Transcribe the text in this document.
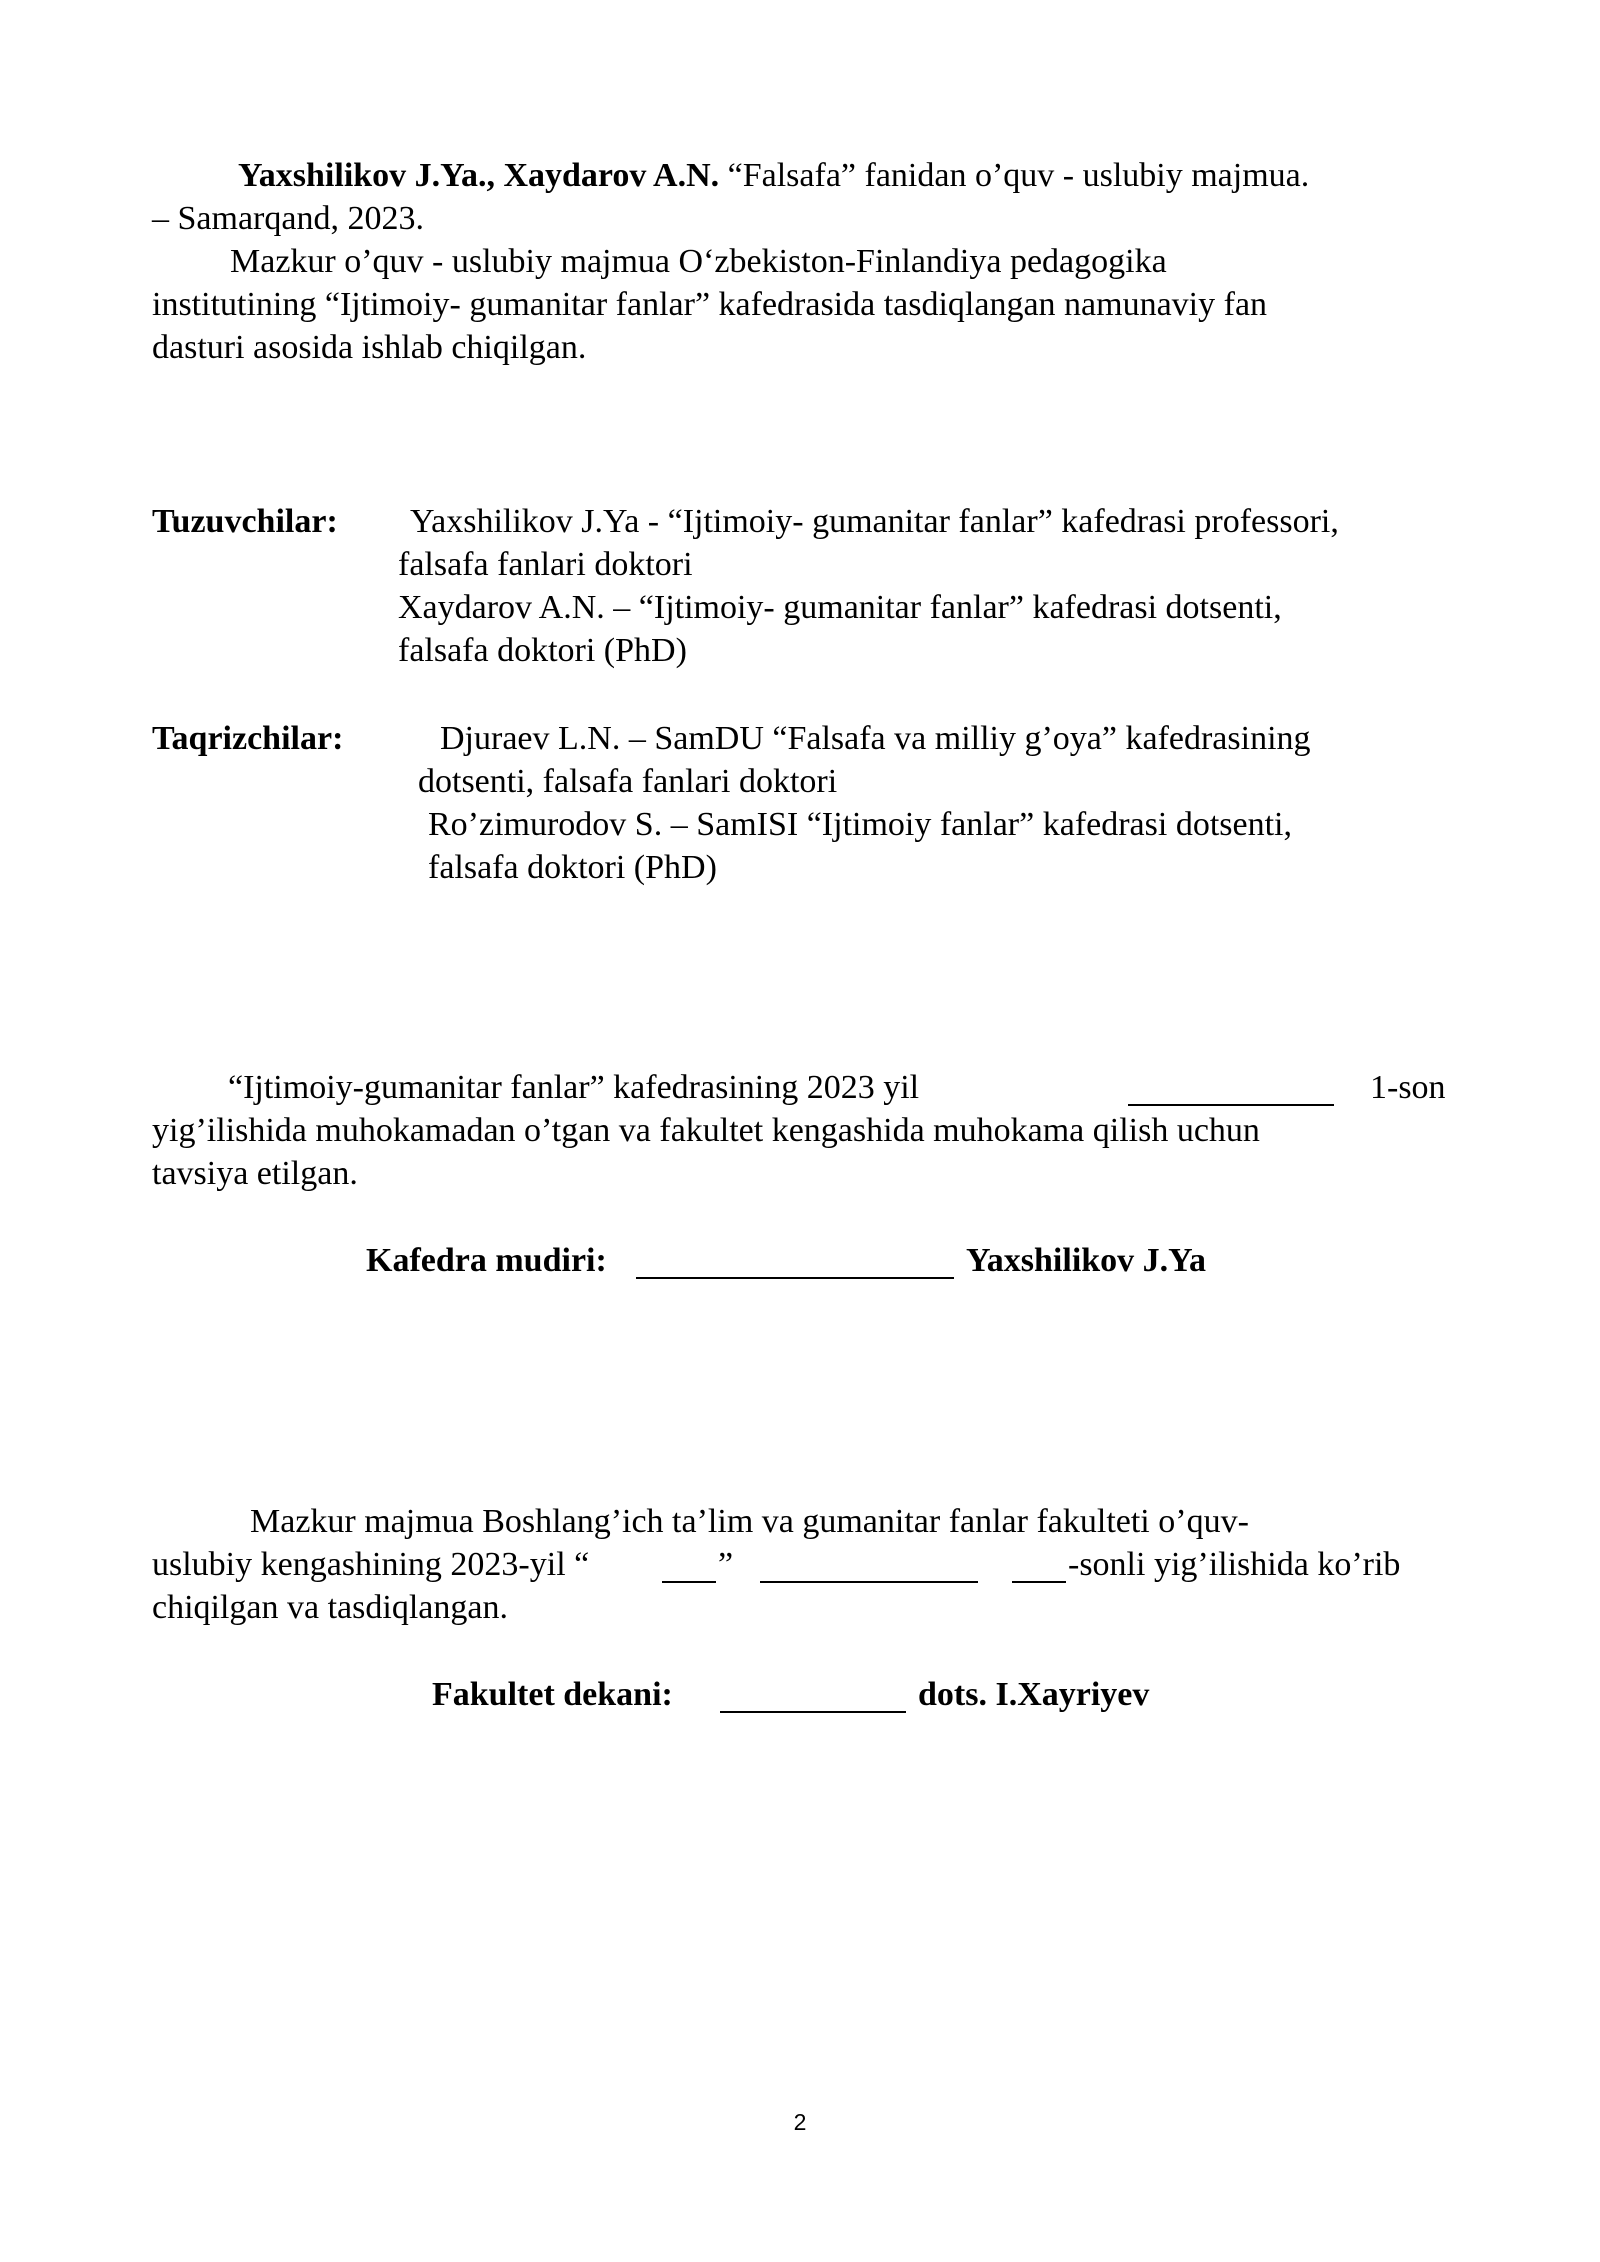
Yaxshilikov J.Ya., Xaydarov A.N. “Falsafa” fanidan o’quv - uslubiy majmua.
– Samarqand, 2023.
Mazkur o’quv - uslubiy majmua O‘zbekiston-Finlandiya pedagogika
institutining “Ijtimoiy- gumanitar fanlar” kafedrasida tasdiqlangan namunaviy fan
dasturi asosida ishlab chiqilgan.
Tuzuvchilar: Yaxshilikov J.Ya - “Ijtimoiy- gumanitar fanlar” kafedrasi professori,
falsafa fanlari doktori
Xaydarov A.N. – “Ijtimoiy- gumanitar fanlar” kafedrasi dotsenti,
falsafa doktori (PhD)
Taqrizchilar:	Djuraev L.N. – SamDU “Falsafa va milliy g’oya” kafedrasining
dotsenti, falsafa fanlari doktori
Ro’zimurodov S. – SamISI “Ijtimoiy fanlar” kafedrasi dotsenti,
falsafa doktori (PhD)
“Ijtimoiy-gumanitar fanlar” kafedrasining 2023 yil	1-son
yig’ilishida muhokamadan o’tgan va fakultet kengashida muhokama qilish uchun
tavsiya etilgan.
Kafedra mudiri:	Yaxshilikov J.Ya
Mazkur majmua Boshlang’ich ta’lim va gumanitar fanlar fakulteti o’quv-
uslubiy kengashining 2023-yil “	”	-sonli yig’ilishida ko’rib
chiqilgan va tasdiqlangan.
Fakultet dekani:	dots. I.Xayriyev
2
